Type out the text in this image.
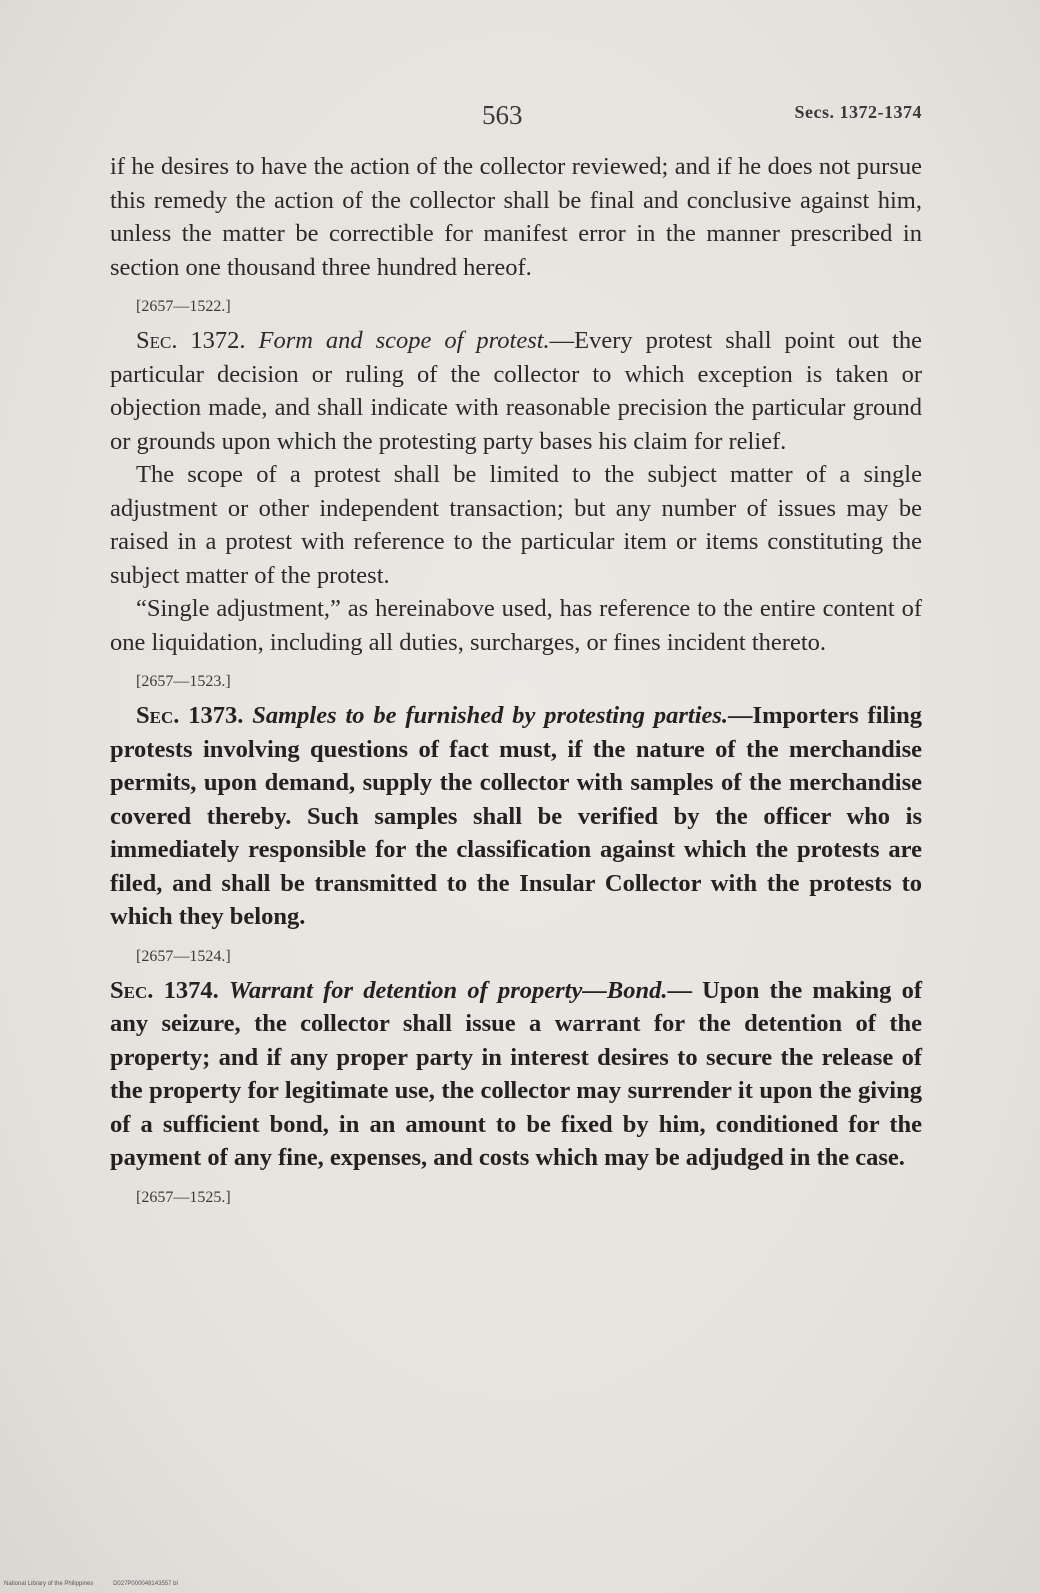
563	Secs. 1372-1374

if he desires to have the action of the collector reviewed; and if he does not pursue this remedy the action of the collector shall be final and conclusive against him, unless the matter be correctible for manifest error in the manner prescribed in section one thousand three hundred hereof.

[2657—1522.]

Sec. 1372. Form and scope of protest.—Every protest shall point out the particular decision or ruling of the collector to which exception is taken or objection made, and shall indicate with reasonable precision the particular ground or grounds upon which the protesting party bases his claim for relief.

The scope of a protest shall be limited to the subject matter of a single adjustment or other independent transaction; but any number of issues may be raised in a protest with reference to the particular item or items constituting the subject matter of the protest.

“Single adjustment,” as hereinabove used, has reference to the entire content of one liquidation, including all duties, surcharges, or fines incident thereto.

[2657—1523.]

Sec. 1373. Samples to be furnished by protesting parties.—Importers filing protests involving questions of fact must, if the nature of the merchandise permits, upon demand, supply the collector with samples of the merchandise covered thereby. Such samples shall be verified by the officer who is immediately responsible for the classification against which the protests are filed, and shall be transmitted to the Insular Collector with the protests to which they belong.

[2657—1524.]

Sec. 1374. Warrant for detention of property—Bond.— Upon the making of any seizure, the collector shall issue a warrant for the detention of the property; and if any proper party in interest desires to secure the release of the property for legitimate use, the collector may surrender it upon the giving of a sufficient bond, in an amount to be fixed by him, conditioned for the payment of any fine, expenses, and costs which may be adjudged in the case.

[2657—1525.]
National Library of the Philippines	D027P000048143557 bl
